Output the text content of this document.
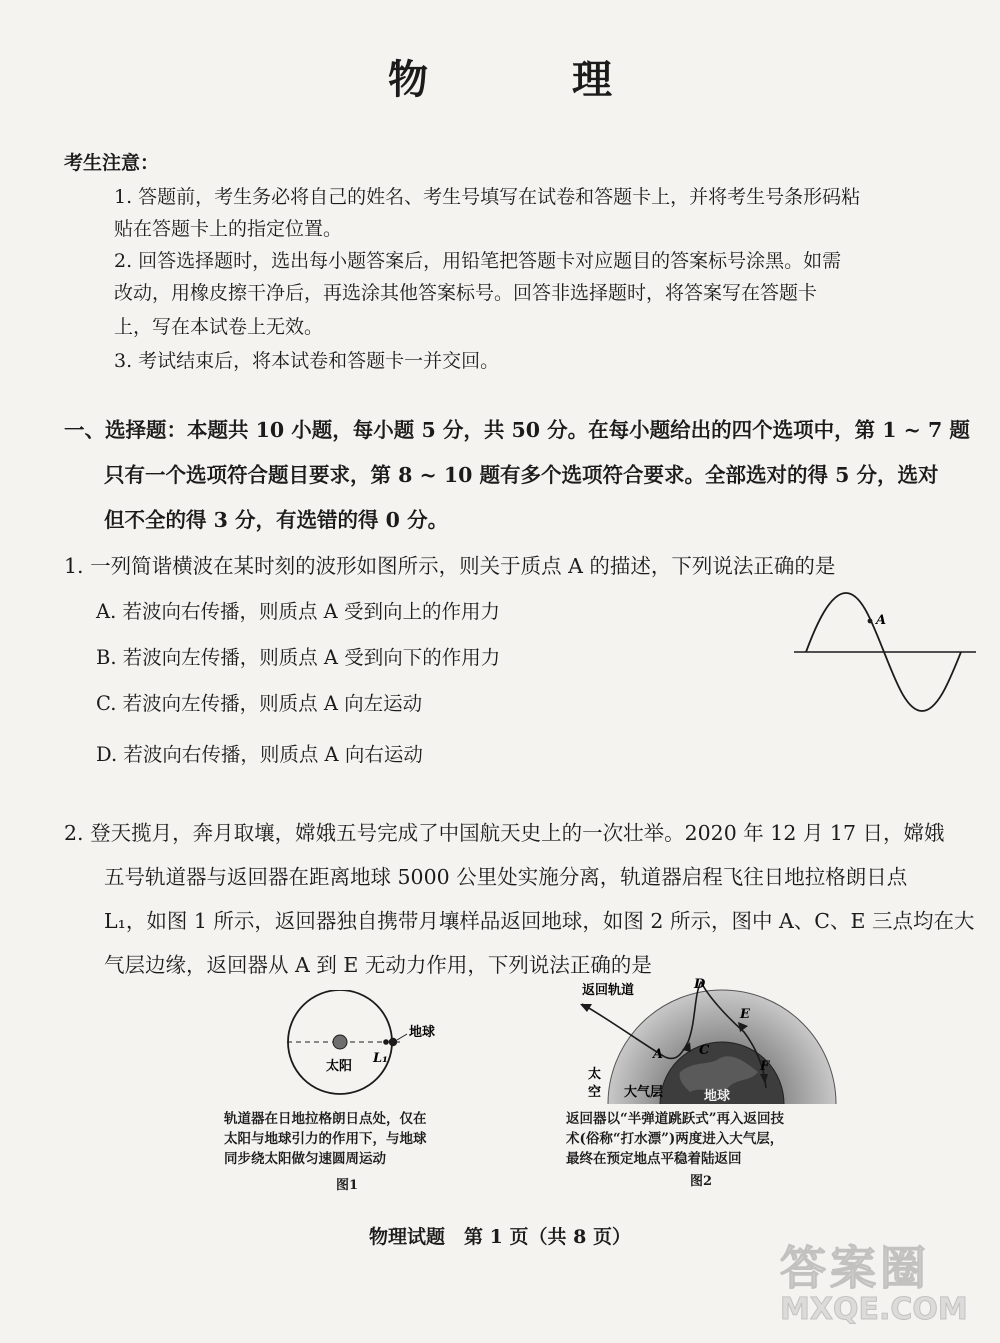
物　理
考生注意：
1. 答题前，考生务必将自己的姓名、考生号填写在试卷和答题卡上，并将考生号条形码粘
贴在答题卡上的指定位置。
2. 回答选择题时，选出每小题答案后，用铅笔把答题卡对应题目的答案标号涂黑。如需
改动，用橡皮擦干净后，再选涂其他答案标号。回答非选择题时，将答案写在答题卡
上，写在本试卷上无效。
3. 考试结束后，将本试卷和答题卡一并交回。
一、选择题：本题共 10 小题，每小题 5 分，共 50 分。在每小题给出的四个选项中，第 1 ~ 7 题
只有一个选项符合题目要求，第 8 ~ 10 题有多个选项符合要求。全部选对的得 5 分，选对
但不全的得 3 分，有选错的得 0 分。
1. 一列简谐横波在某时刻的波形如图所示，则关于质点 A 的描述，下列说法正确的是
A. 若波向右传播，则质点 A 受到向上的作用力
B. 若波向左传播，则质点 A 受到向下的作用力
C. 若波向左传播，则质点 A 向左运动
D. 若波向右传播，则质点 A 向右运动
A
2. 登天揽月，奔月取壤，嫦娥五号完成了中国航天史上的一次壮举。2020 年 12 月 17 日，嫦娥
五号轨道器与返回器在距离地球 5000 公里处实施分离，轨道器启程飞往日地拉格朗日点
L₁，如图 1 所示，返回器独自携带月壤样品返回地球，如图 2 所示，图中 A、C、E 三点均在大
气层边缘，返回器从 A 到 E 无动力作用，下列说法正确的是
太阳
地球
L₁
轨道器在日地拉格朗日点处，仅在
太阳与地球引力的作用下，与地球
同步绕太阳做匀速圆周运动
图1
返回轨道
A	C
D
E
F
太
空 大气层	地球
返回器以“半弹道跳跃式”再入返回技
术(俗称“打水漂”)两度进入大气层，
最终在预定地点平稳着陆返回
图2
物理试题　第 1 页（共 8 页）
答案圈
MXQE.COM
